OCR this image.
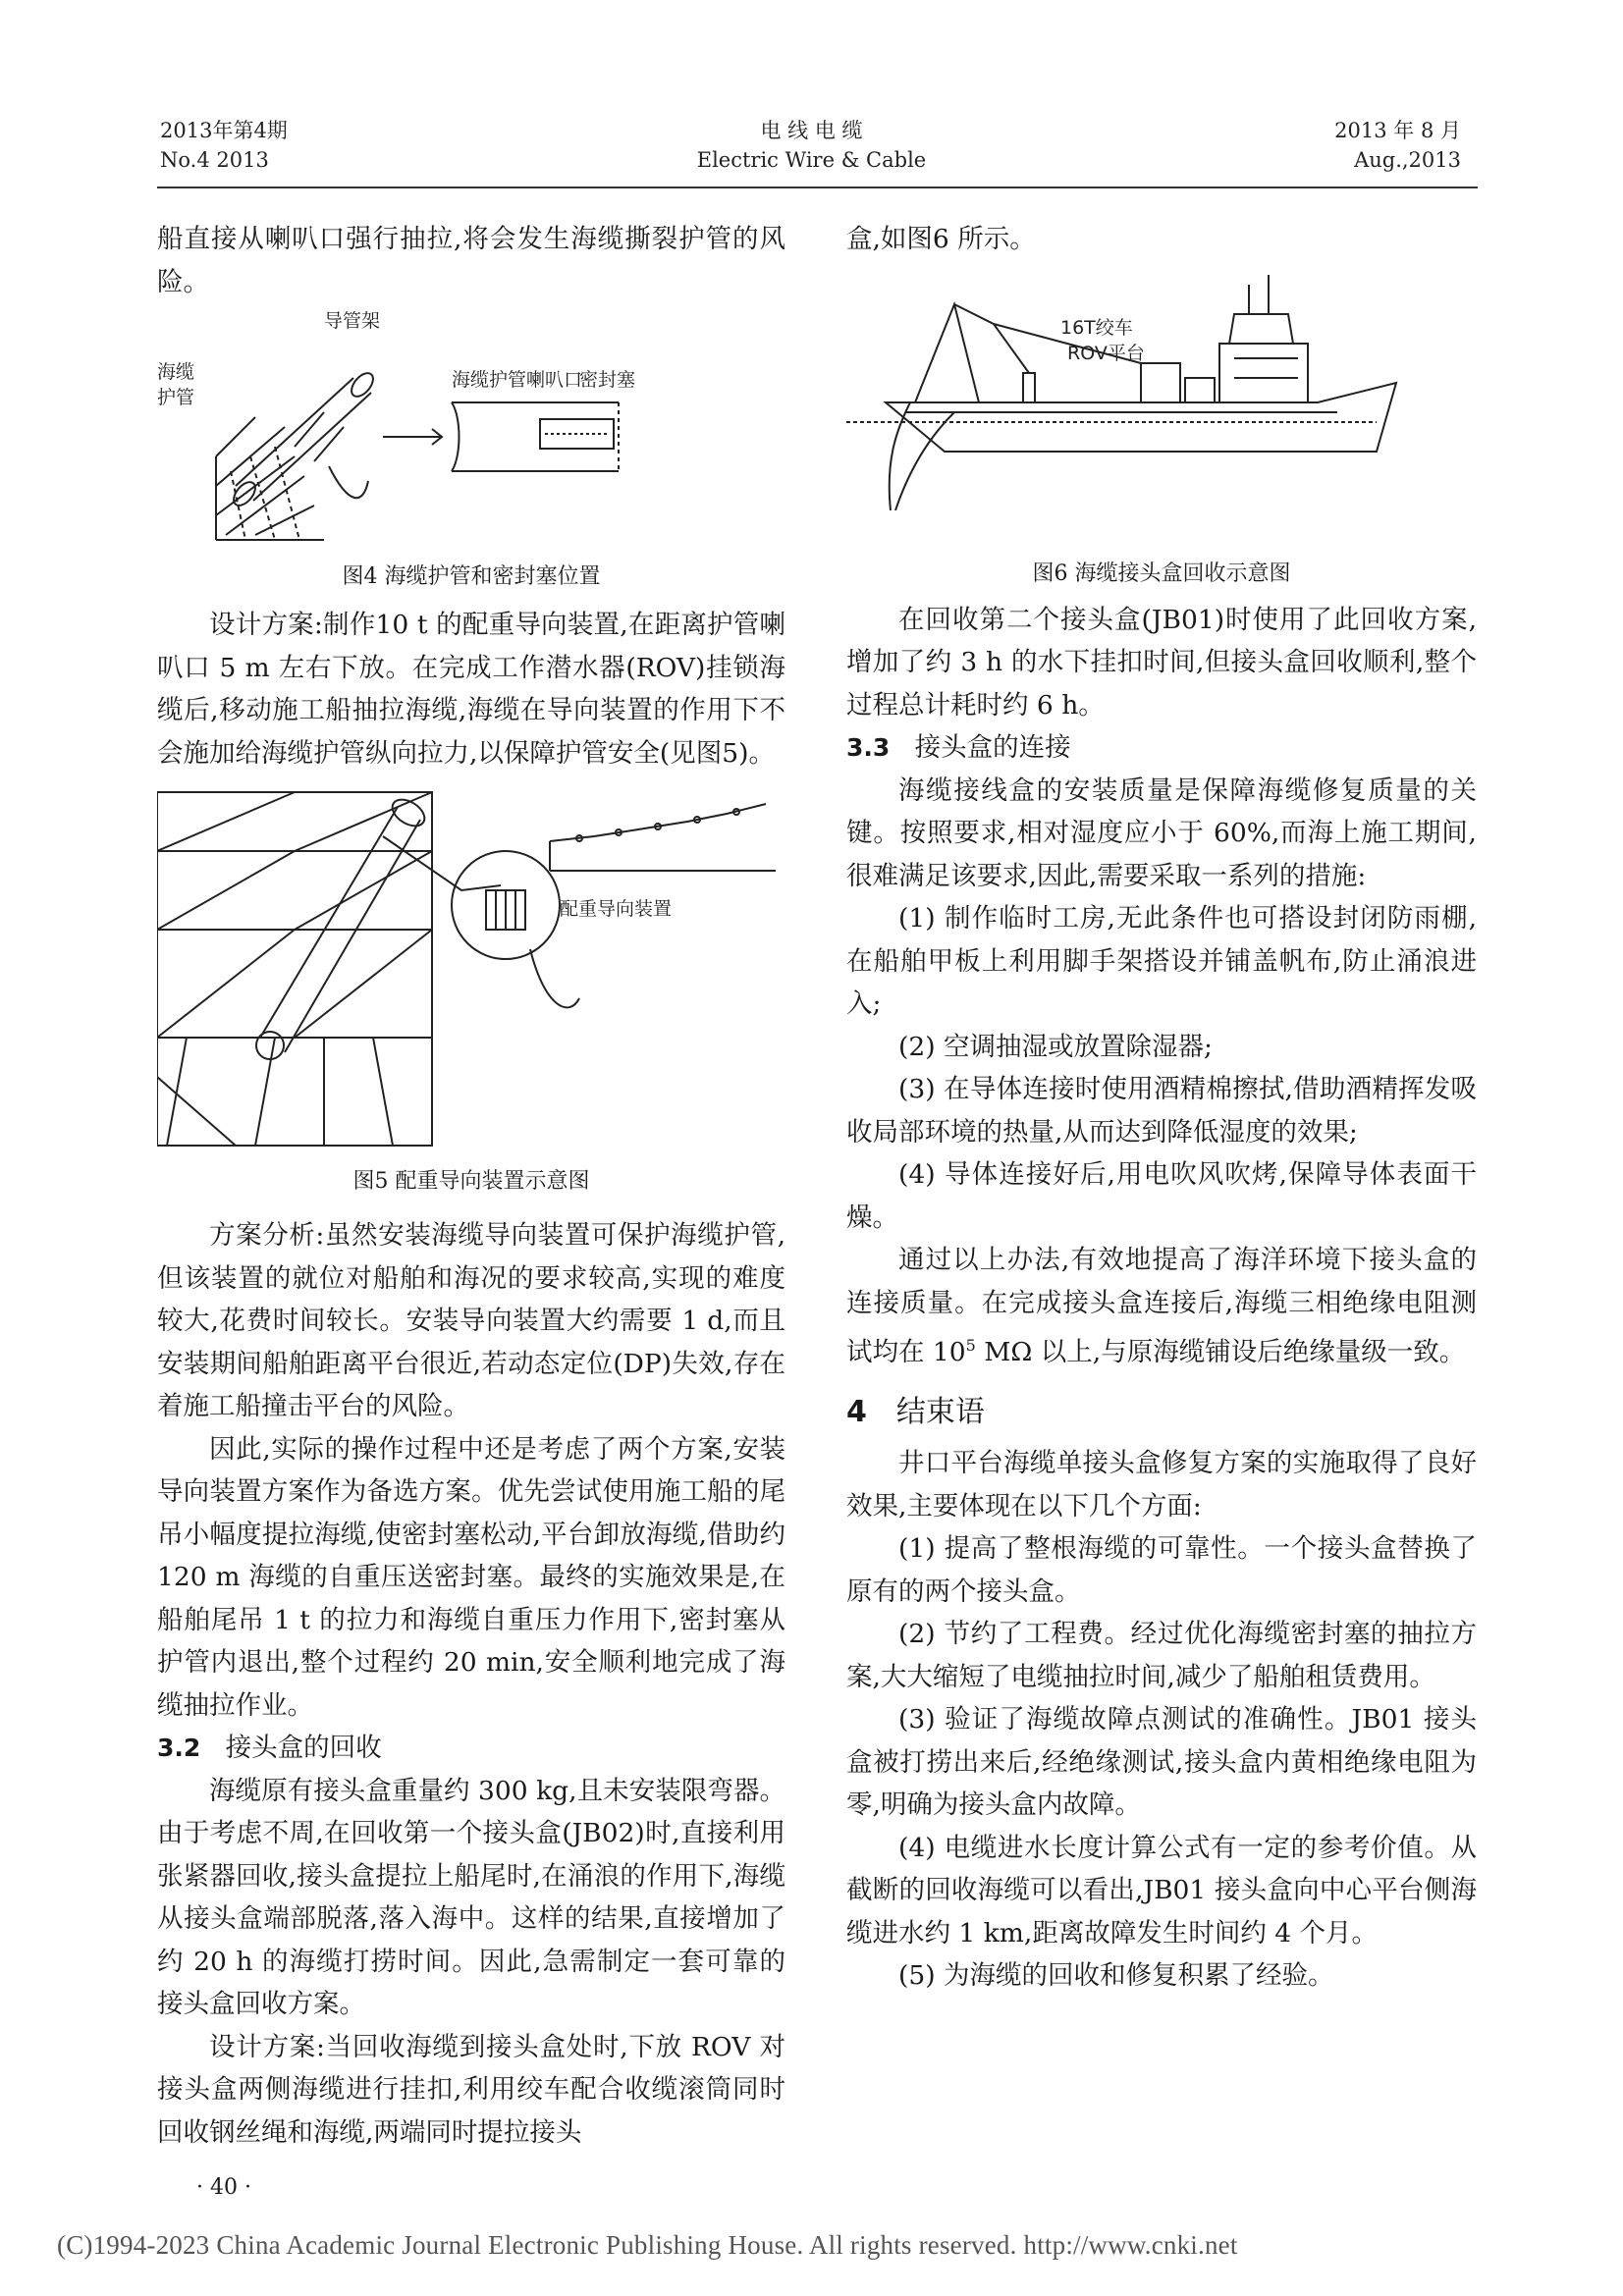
2013年第4期
No.4 2013
电 线 电 缆
Electric Wire & Cable
2013 年 8 月
Aug.,2013

船直接从喇叭口强行抽拉,将会发生海缆撕裂护管的风险。

导管架
海缆
护管
海缆护管喇叭口
密封塞
图4 海缆护管和密封塞位置

设计方案:制作10 t 的配重导向装置,在距离护管喇叭口 5 m 左右下放。在完成工作潜水器(ROV)挂锁海缆后,移动施工船抽拉海缆,海缆在导向装置的作用下不会施加给海缆护管纵向拉力,以保障护管安全(见图5)。

配重导向装置
图5 配重导向装置示意图

方案分析:虽然安装海缆导向装置可保护海缆护管,但该装置的就位对船舶和海况的要求较高,实现的难度较大,花费时间较长。安装导向装置大约需要 1 d,而且安装期间船舶距离平台很近,若动态定位(DP)失效,存在着施工船撞击平台的风险。

因此,实际的操作过程中还是考虑了两个方案,安装导向装置方案作为备选方案。优先尝试使用施工船的尾吊小幅度提拉海缆,使密封塞松动,平台卸放海缆,借助约 120 m 海缆的自重压送密封塞。最终的实施效果是,在船舶尾吊 1 t 的拉力和海缆自重压力作用下,密封塞从护管内退出,整个过程约 20 min,安全顺利地完成了海缆抽拉作业。

3.2 接头盒的回收

海缆原有接头盒重量约 300 kg,且未安装限弯器。由于考虑不周,在回收第一个接头盒(JB02)时,直接利用张紧器回收,接头盒提拉上船尾时,在涌浪的作用下,海缆从接头盒端部脱落,落入海中。这样的结果,直接增加了约 20 h 的海缆打捞时间。因此,急需制定一套可靠的接头盒回收方案。

设计方案:当回收海缆到接头盒处时,下放 ROV 对接头盒两侧海缆进行挂扣,利用绞车配合收缆滚筒同时回收钢丝绳和海缆,两端同时提拉接头

盒,如图6 所示。

16T绞车
ROV平台
图6 海缆接头盒回收示意图

在回收第二个接头盒(JB01)时使用了此回收方案,增加了约 3 h 的水下挂扣时间,但接头盒回收顺利,整个过程总计耗时约 6 h。

3.3 接头盒的连接

海缆接线盒的安装质量是保障海缆修复质量的关键。按照要求,相对湿度应小于 60%,而海上施工期间,很难满足该要求,因此,需要采取一系列的措施:

(1) 制作临时工房,无此条件也可搭设封闭防雨棚,在船舶甲板上利用脚手架搭设并铺盖帆布,防止涌浪进入;

(2) 空调抽湿或放置除湿器;

(3) 在导体连接时使用酒精棉擦拭,借助酒精挥发吸收局部环境的热量,从而达到降低湿度的效果;

(4) 导体连接好后,用电吹风吹烤,保障导体表面干燥。

通过以上办法,有效地提高了海洋环境下接头盒的连接质量。在完成接头盒连接后,海缆三相绝缘电阻测试均在 $10^5$ MΩ 以上,与原海缆铺设后绝缘量级一致。

4 结束语

井口平台海缆单接头盒修复方案的实施取得了良好效果,主要体现在以下几个方面:

(1) 提高了整根海缆的可靠性。一个接头盒替换了原有的两个接头盒。

(2) 节约了工程费。经过优化海缆密封塞的抽拉方案,大大缩短了电缆抽拉时间,减少了船舶租赁费用。

(3) 验证了海缆故障点测试的准确性。JB01 接头盒被打捞出来后,经绝缘测试,接头盒内黄相绝缘电阻为零,明确为接头盒内故障。

(4) 电缆进水长度计算公式有一定的参考价值。从截断的回收海缆可以看出,JB01 接头盒向中心平台侧海缆进水约 1 km,距离故障发生时间约 4 个月。

(5) 为海缆的回收和修复积累了经验。

· 40 ·
(C)1994-2023 China Academic Journal Electronic Publishing House. All rights reserved. http://www.cnki.net
